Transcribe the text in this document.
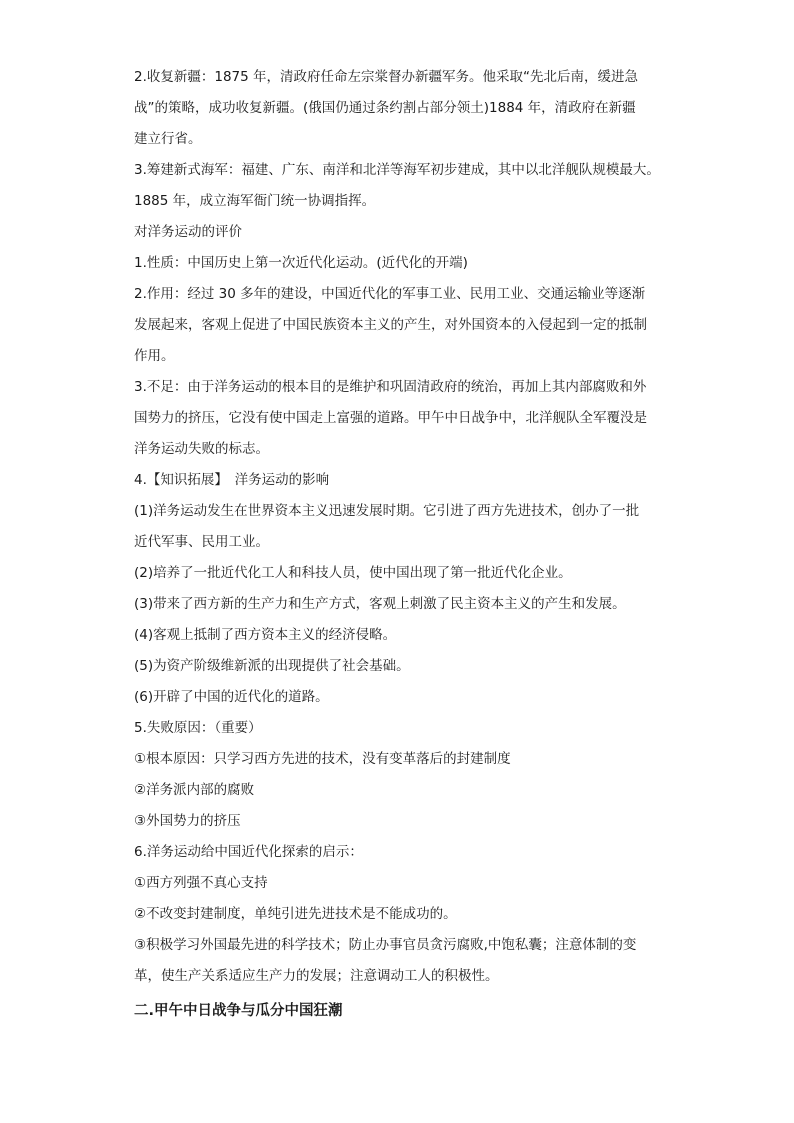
2.收复新疆：1875 年，清政府任命左宗棠督办新疆军务。他采取“先北后南，缓进急

战”的策略，成功收复新疆。(俄国仍通过条约割占部分领土)1884 年，清政府在新疆

建立行省。

3.筹建新式海军：福建、广东、南洋和北洋等海军初步建成，其中以北洋舰队规模最大。

1885 年，成立海军衙门统一协调指挥。

对洋务运动的评价

1.性质：中国历史上第一次近代化运动。(近代化的开端)

2.作用：经过 30 多年的建设，中国近代化的军事工业、民用工业、交通运输业等逐渐

发展起来，客观上促进了中国民族资本主义的产生，对外国资本的入侵起到一定的抵制

作用。

3.不足：由于洋务运动的根本目的是维护和巩固清政府的统治，再加上其内部腐败和外

国势力的挤压，它没有使中国走上富强的道路。甲午中日战争中，北洋舰队全军覆没是

洋务运动失败的标志。

4.【知识拓展】　洋务运动的影响

(1)洋务运动发生在世界资本主义迅速发展时期。它引进了西方先进技术，创办了一批

近代军事、民用工业。

(2)培养了一批近代化工人和科技人员，使中国出现了第一批近代化企业。

(3)带来了西方新的生产力和生产方式，客观上刺激了民主资本主义的产生和发展。

(4)客观上抵制了西方资本主义的经济侵略。

(5)为资产阶级维新派的出现提供了社会基础。

(6)开辟了中国的近代化的道路。

5.失败原因：（重要）

①根本原因：只学习西方先进的技术，没有变革落后的封建制度

②洋务派内部的腐败

③外国势力的挤压

6.洋务运动给中国近代化探索的启示：

①西方列强不真心支持

②不改变封建制度，单纯引进先进技术是不能成功的。

③积极学习外国最先进的科学技术；防止办事官员贪污腐败,中饱私囊；注意体制的变

革，使生产关系适应生产力的发展；注意调动工人的积极性。

二.甲午中日战争与瓜分中国狂潮
